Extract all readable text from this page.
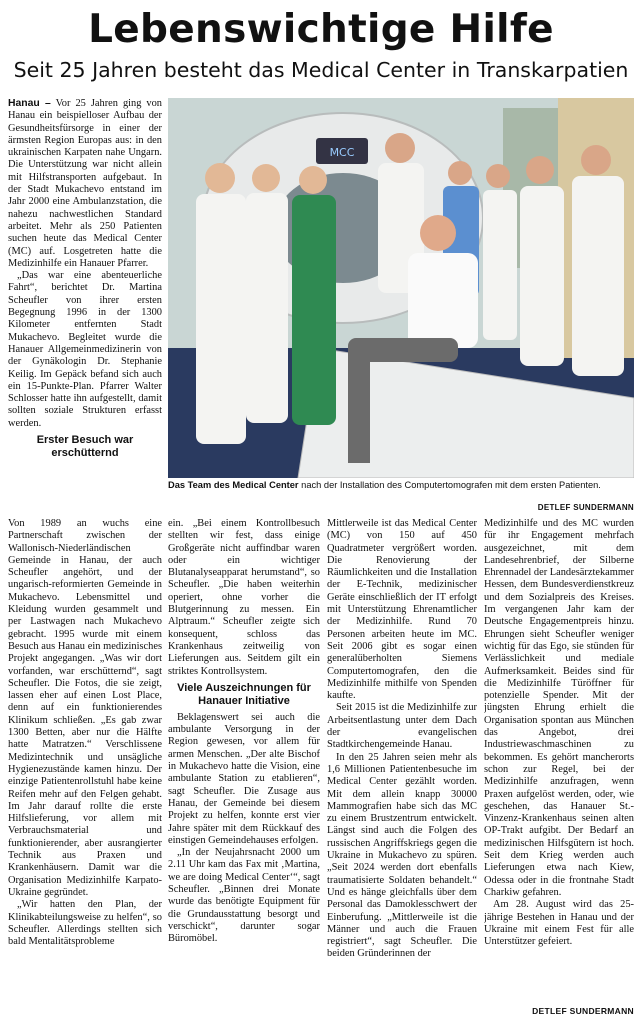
Lebenswichtige Hilfe
Seit 25 Jahren besteht das Medical Center in Transkarpatien

Hanau – Vor 25 Jahren ging von Hanau ein beispielloser Aufbau der Gesundheitsfürsorge in einer der ärmsten Region Europas aus: in den ukrainischen Karpaten nahe Ungarn. Die Unterstützung war nicht allein mit Hilfstransporten aufgebaut. In der Stadt Mukachevo entstand im Jahr 2000 eine Ambulanzstation, die nahezu nachwestlichen Standard arbeitet. Mehr als 250 Patienten suchen heute das Medical Center (MC) auf. Losgetreten hatte die Medizinhilfe ein Hanauer Pfarrer.

„Das war eine abenteuerliche Fahrt“, berichtet Dr. Martina Scheufler von ihrer ersten Begegnung 1996 in der 1300 Kilometer entfernten Stadt Mukachevo. Begleitet wurde die Hanauer Allgemeinmedizinerin von der Gynäkologin Dr. Stephanie Keilig. Im Gepäck befand sich auch ein 15-Punkte-Plan. Pfarrer Walter Schlosser hatte ihn aufgestellt, damit sollten soziale Strukturen erfasst werden.

Erster Besuch war erschütternd

Von 1989 an wuchs eine Partnerschaft zwischen der Wallonisch-Niederländischen Gemeinde in Hanau, der auch Scheufler angehört, und der ungarisch-reformierten Gemeinde in Mukachevo. Lebensmittel und Kleidung wurden gesammelt und per Lastwagen nach Mukachevo gebracht. 1995 wurde mit einem Besuch aus Hanau ein medizinisches Projekt angegangen. „Was wir dort vorfanden, war erschütternd“, sagt Scheufler. Die Fotos, die sie zeigt, lassen eher auf einen Lost Place, denn auf ein funktionierendes Klinikum schließen. „Es gab zwar 1300 Betten, aber nur die Hälfte hatte Matratzen.“ Verschlissene Medizintechnik und unsägliche Hygienezustände kamen hinzu. Der einzige Patientenrollstuhl habe keine Reifen mehr auf den Felgen gehabt. Im Jahr darauf rollte die erste Hilfslieferung, vor allem mit Verbrauchsmaterial und funktionierender, aber ausrangierter Technik aus Praxen und Krankenhäusern. Damit war die Organisation Medizinhilfe Karpato-Ukraine gegründet.

„Wir hatten den Plan, der Klinikabteilungsweise zu helfen“, so Scheufler. Allerdings stellten sich bald Mentalitätsprobleme

ein. „Bei einem Kontrollbesuch stellten wir fest, dass einige Großgeräte nicht auffindbar waren oder ein wichtiger Blutanalyseapparat herumstand“, so Scheufler. „Die haben weiterhin operiert, ohne vorher die Blutgerinnung zu messen. Ein Alptraum.“ Scheufler zeigte sich konsequent, schloss das Krankenhaus zeitweilig von Lieferungen aus. Seitdem gilt ein striktes Kontrollsystem.

Viele Auszeichnungen für Hanauer Initiative

Beklagenswert sei auch die ambulante Versorgung in der Region gewesen, vor allem für armen Menschen. „Der alte Bischof in Mukachevo hatte die Vision, eine ambulante Station zu etablieren“, sagt Scheufler. Die Zusage aus Hanau, der Gemeinde bei diesem Projekt zu helfen, konnte erst vier Jahre später mit dem Rückkauf des einstigen Gemeindehauses erfolgen.

„In der Neujahrsnacht 2000 um 2.11 Uhr kam das Fax mit ‚Martina, we are doing Medical Center‘“, sagt Scheufler. „Binnen drei Monate wurde das benötigte Equipment für die Grundausstattung besorgt und verschickt“, darunter sogar Büromöbel.

Mittlerweile ist das Medical Center (MC) von 150 auf 450 Quadratmeter vergrößert worden. Die Renovierung der Räumlichkeiten und die Installation der E-Technik, medizinischer Geräte einschließlich der IT erfolgt mit Unterstützung Ehrenamtlicher der Medizinhilfe. Rund 70 Personen arbeiten heute im MC. Seit 2006 gibt es sogar einen generalüberholten Siemens Computertomografen, den die Medizinhilfe mithilfe von Spenden kaufte.

Seit 2015 ist die Medizinhilfe zur Arbeitsentlastung unter dem Dach der evangelischen Stadtkirchengemeinde Hanau.

In den 25 Jahren seien mehr als 1,6 Millionen Patientenbesuche im Medical Center gezählt worden. Mit dem allein knapp 30000 Mammografien habe sich das MC zu einem Brustzentrum entwickelt. Längst sind auch die Folgen des russischen Angriffskriegs gegen die Ukraine in Mukachevo zu spüren. „Seit 2024 werden dort ebenfalls traumatisierte Soldaten behandelt.“ Und es hänge gleichfalls über dem Personal das Damoklesschwert der Einberufung. „Mittlerweile ist die Männer und auch die Frauen registriert“, sagt Scheufler. Die beiden Gründerinnen der

Medizinhilfe und des MC wurden für ihr Engagement mehrfach ausgezeichnet, mit dem Landesehrenbrief, der Silberne Ehrennadel der Landesärztekammer Hessen, dem Bundesverdienstkreuz und dem Sozialpreis des Kreises. Im vergangenen Jahr kam der Deutsche Engagementpreis hinzu. Ehrungen sieht Scheufler weniger wichtig für das Ego, sie stünden für Verlässlichkeit und mediale Aufmerksamkeit. Beides sind für die Medizinhilfe Türöffner für potenzielle Spender. Mit der jüngsten Ehrung erhielt die Organisation spontan aus München das Angebot, drei Industriewaschmaschinen zu bekommen. Es gehört mancherorts schon zur Regel, bei der Medizinhilfe anzufragen, wenn Praxen aufgelöst werden, oder, wie geschehen, das Hanauer St.-Vinzenz-Krankenhaus seinen alten OP-Trakt aufgibt. Der Bedarf an medizinischen Hilfsgütern ist hoch. Seit dem Krieg werden auch Lieferungen etwa nach Kiew, Odessa oder in die frontnahe Stadt Charkiw gefahren.

Am 28. August wird das 25-jährige Bestehen in Hanau und der Ukraine mit einem Fest für alle Unterstützer gefeiert.

DETLEF SUNDERMANN
MCC
Das Team des Medical Center nach der Installation des Computertomografen mit dem ersten Patienten.
DETLEF SUNDERMANN
